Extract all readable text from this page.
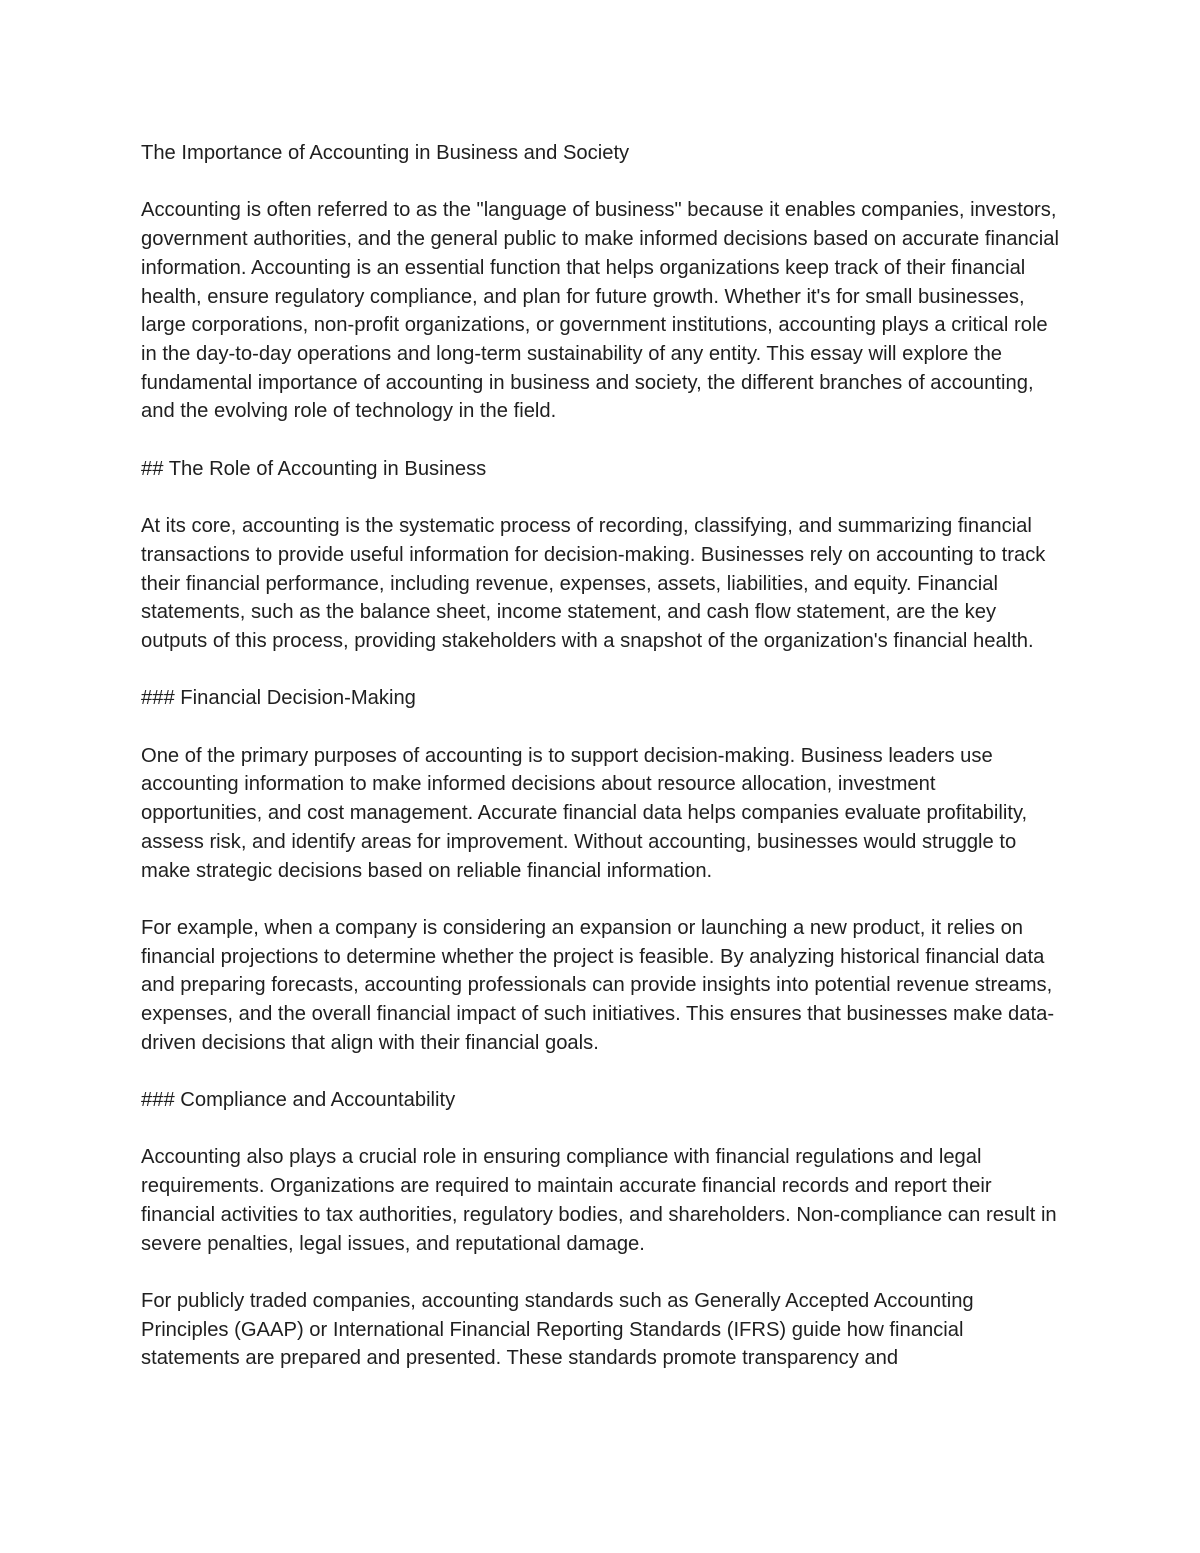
The Importance of Accounting in Business and Society

Accounting is often referred to as the "language of business" because it enables companies, investors, government authorities, and the general public to make informed decisions based on accurate financial information. Accounting is an essential function that helps organizations keep track of their financial health, ensure regulatory compliance, and plan for future growth. Whether it's for small businesses, large corporations, non-profit organizations, or government institutions, accounting plays a critical role in the day-to-day operations and long-term sustainability of any entity. This essay will explore the fundamental importance of accounting in business and society, the different branches of accounting, and the evolving role of technology in the field.

## The Role of Accounting in Business

At its core, accounting is the systematic process of recording, classifying, and summarizing financial transactions to provide useful information for decision-making. Businesses rely on accounting to track their financial performance, including revenue, expenses, assets, liabilities, and equity. Financial statements, such as the balance sheet, income statement, and cash flow statement, are the key outputs of this process, providing stakeholders with a snapshot of the organization's financial health.

### Financial Decision-Making

One of the primary purposes of accounting is to support decision-making. Business leaders use accounting information to make informed decisions about resource allocation, investment opportunities, and cost management. Accurate financial data helps companies evaluate profitability, assess risk, and identify areas for improvement. Without accounting, businesses would struggle to make strategic decisions based on reliable financial information.

For example, when a company is considering an expansion or launching a new product, it relies on financial projections to determine whether the project is feasible. By analyzing historical financial data and preparing forecasts, accounting professionals can provide insights into potential revenue streams, expenses, and the overall financial impact of such initiatives. This ensures that businesses make data-driven decisions that align with their financial goals.

### Compliance and Accountability

Accounting also plays a crucial role in ensuring compliance with financial regulations and legal requirements. Organizations are required to maintain accurate financial records and report their financial activities to tax authorities, regulatory bodies, and shareholders. Non-compliance can result in severe penalties, legal issues, and reputational damage.

For publicly traded companies, accounting standards such as Generally Accepted Accounting Principles (GAAP) or International Financial Reporting Standards (IFRS) guide how financial statements are prepared and presented. These standards promote transparency and
